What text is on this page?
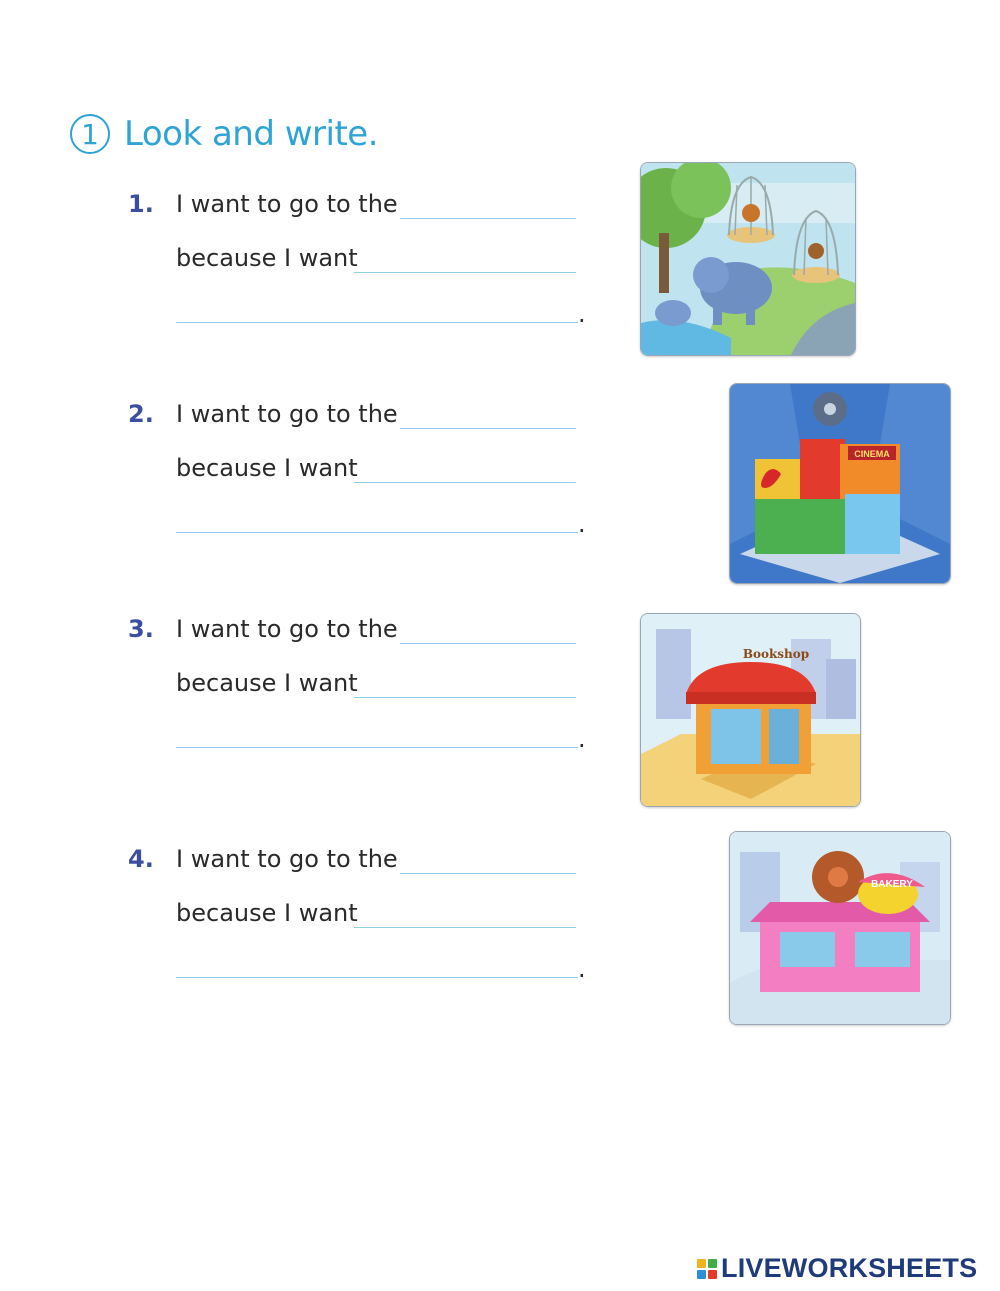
1 Look and write.
1. I want to go to the
because I want
.
2. I want to go to the
because I want
.
3. I want to go to the
because I want
.
4. I want to go to the
because I want
.
CINEMA
Bookshop
BAKERY
LIVEWORKSHEETS
